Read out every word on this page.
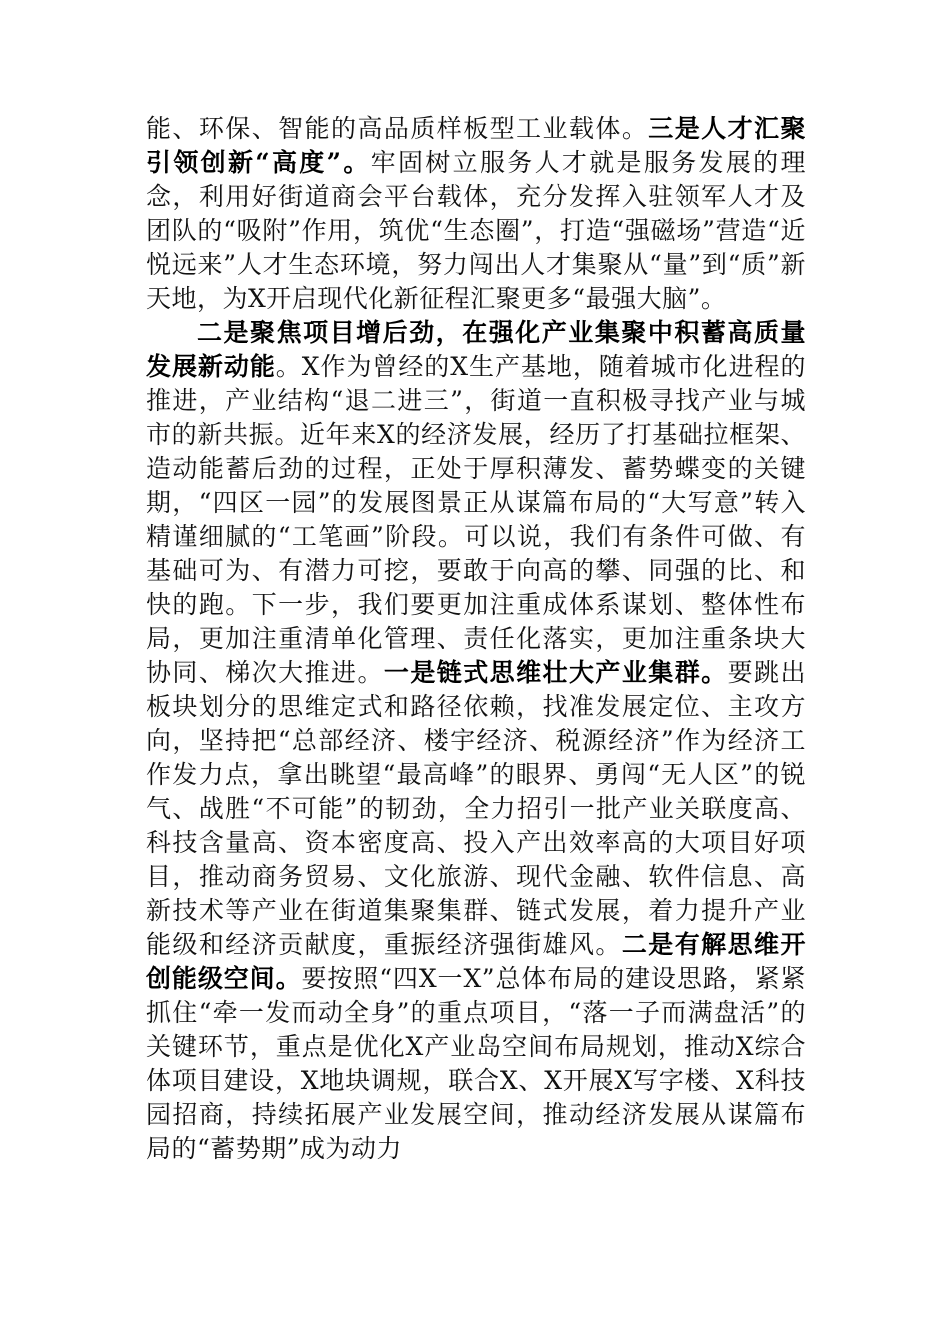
能、环保、智能的高品质样板型工业载体。三是人才汇聚引领创新“高度”。牢固树立服务人才就是服务发展的理念，利用好街道商会平台载体，充分发挥入驻领军人才及团队的“吸附”作用，筑优“生态圈”，打造“强磁场”营造“近悦远来”人才生态环境，努力闯出人才集聚从“量”到“质”新天地，为X开启现代化新征程汇聚更多“最强大脑”。

二是聚焦项目增后劲，在强化产业集聚中积蓄高质量发展新动能。X作为曾经的X生产基地，随着城市化进程的推进，产业结构“退二进三”，街道一直积极寻找产业与城市的新共振。近年来X的经济发展，经历了打基础拉框架、造动能蓄后劲的过程，正处于厚积薄发、蓄势蝶变的关键期，“四区一园”的发展图景正从谋篇布局的“大写意”转入精谨细腻的“工笔画”阶段。可以说，我们有条件可做、有基础可为、有潜力可挖，要敢于向高的攀、同强的比、和快的跑。下一步，我们要更加注重成体系谋划、整体性布局，更加注重清单化管理、责任化落实，更加注重条块大协同、梯次大推进。一是链式思维壮大产业集群。要跳出板块划分的思维定式和路径依赖，找准发展定位、主攻方向，坚持把“总部经济、楼宇经济、税源经济”作为经济工作发力点，拿出眺望“最高峰”的眼界、勇闯“无人区”的锐气、战胜“不可能”的韧劲，全力招引一批产业关联度高、科技含量高、资本密度高、投入产出效率高的大项目好项目，推动商务贸易、文化旅游、现代金融、软件信息、高新技术等产业在街道集聚集群、链式发展，着力提升产业能级和经济贡献度，重振经济强街雄风。二是有解思维开创能级空间。要按照“四X一X”总体布局的建设思路，紧紧抓住“牵一发而动全身”的重点项目，“落一子而满盘活”的关键环节，重点是优化X产业岛空间布局规划，推动X综合体项目建设，X地块调规，联合X、X开展X写字楼、X科技园招商，持续拓展产业发展空间，推动经济发展从谋篇布局的“蓄势期”成为动力
